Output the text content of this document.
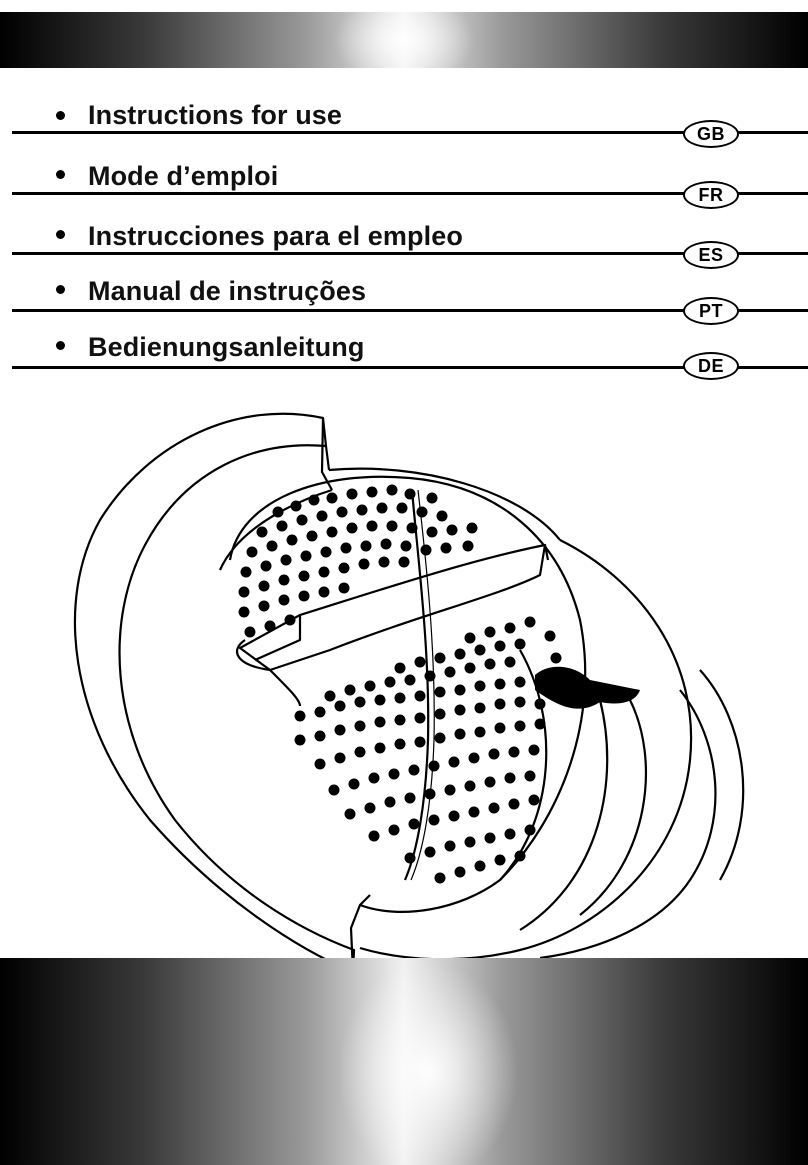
Instructions for use
GB
Mode d’emploi
FR
Instrucciones para el empleo
ES
Manual de instruções
PT
Bedienungsanleitung
DE
